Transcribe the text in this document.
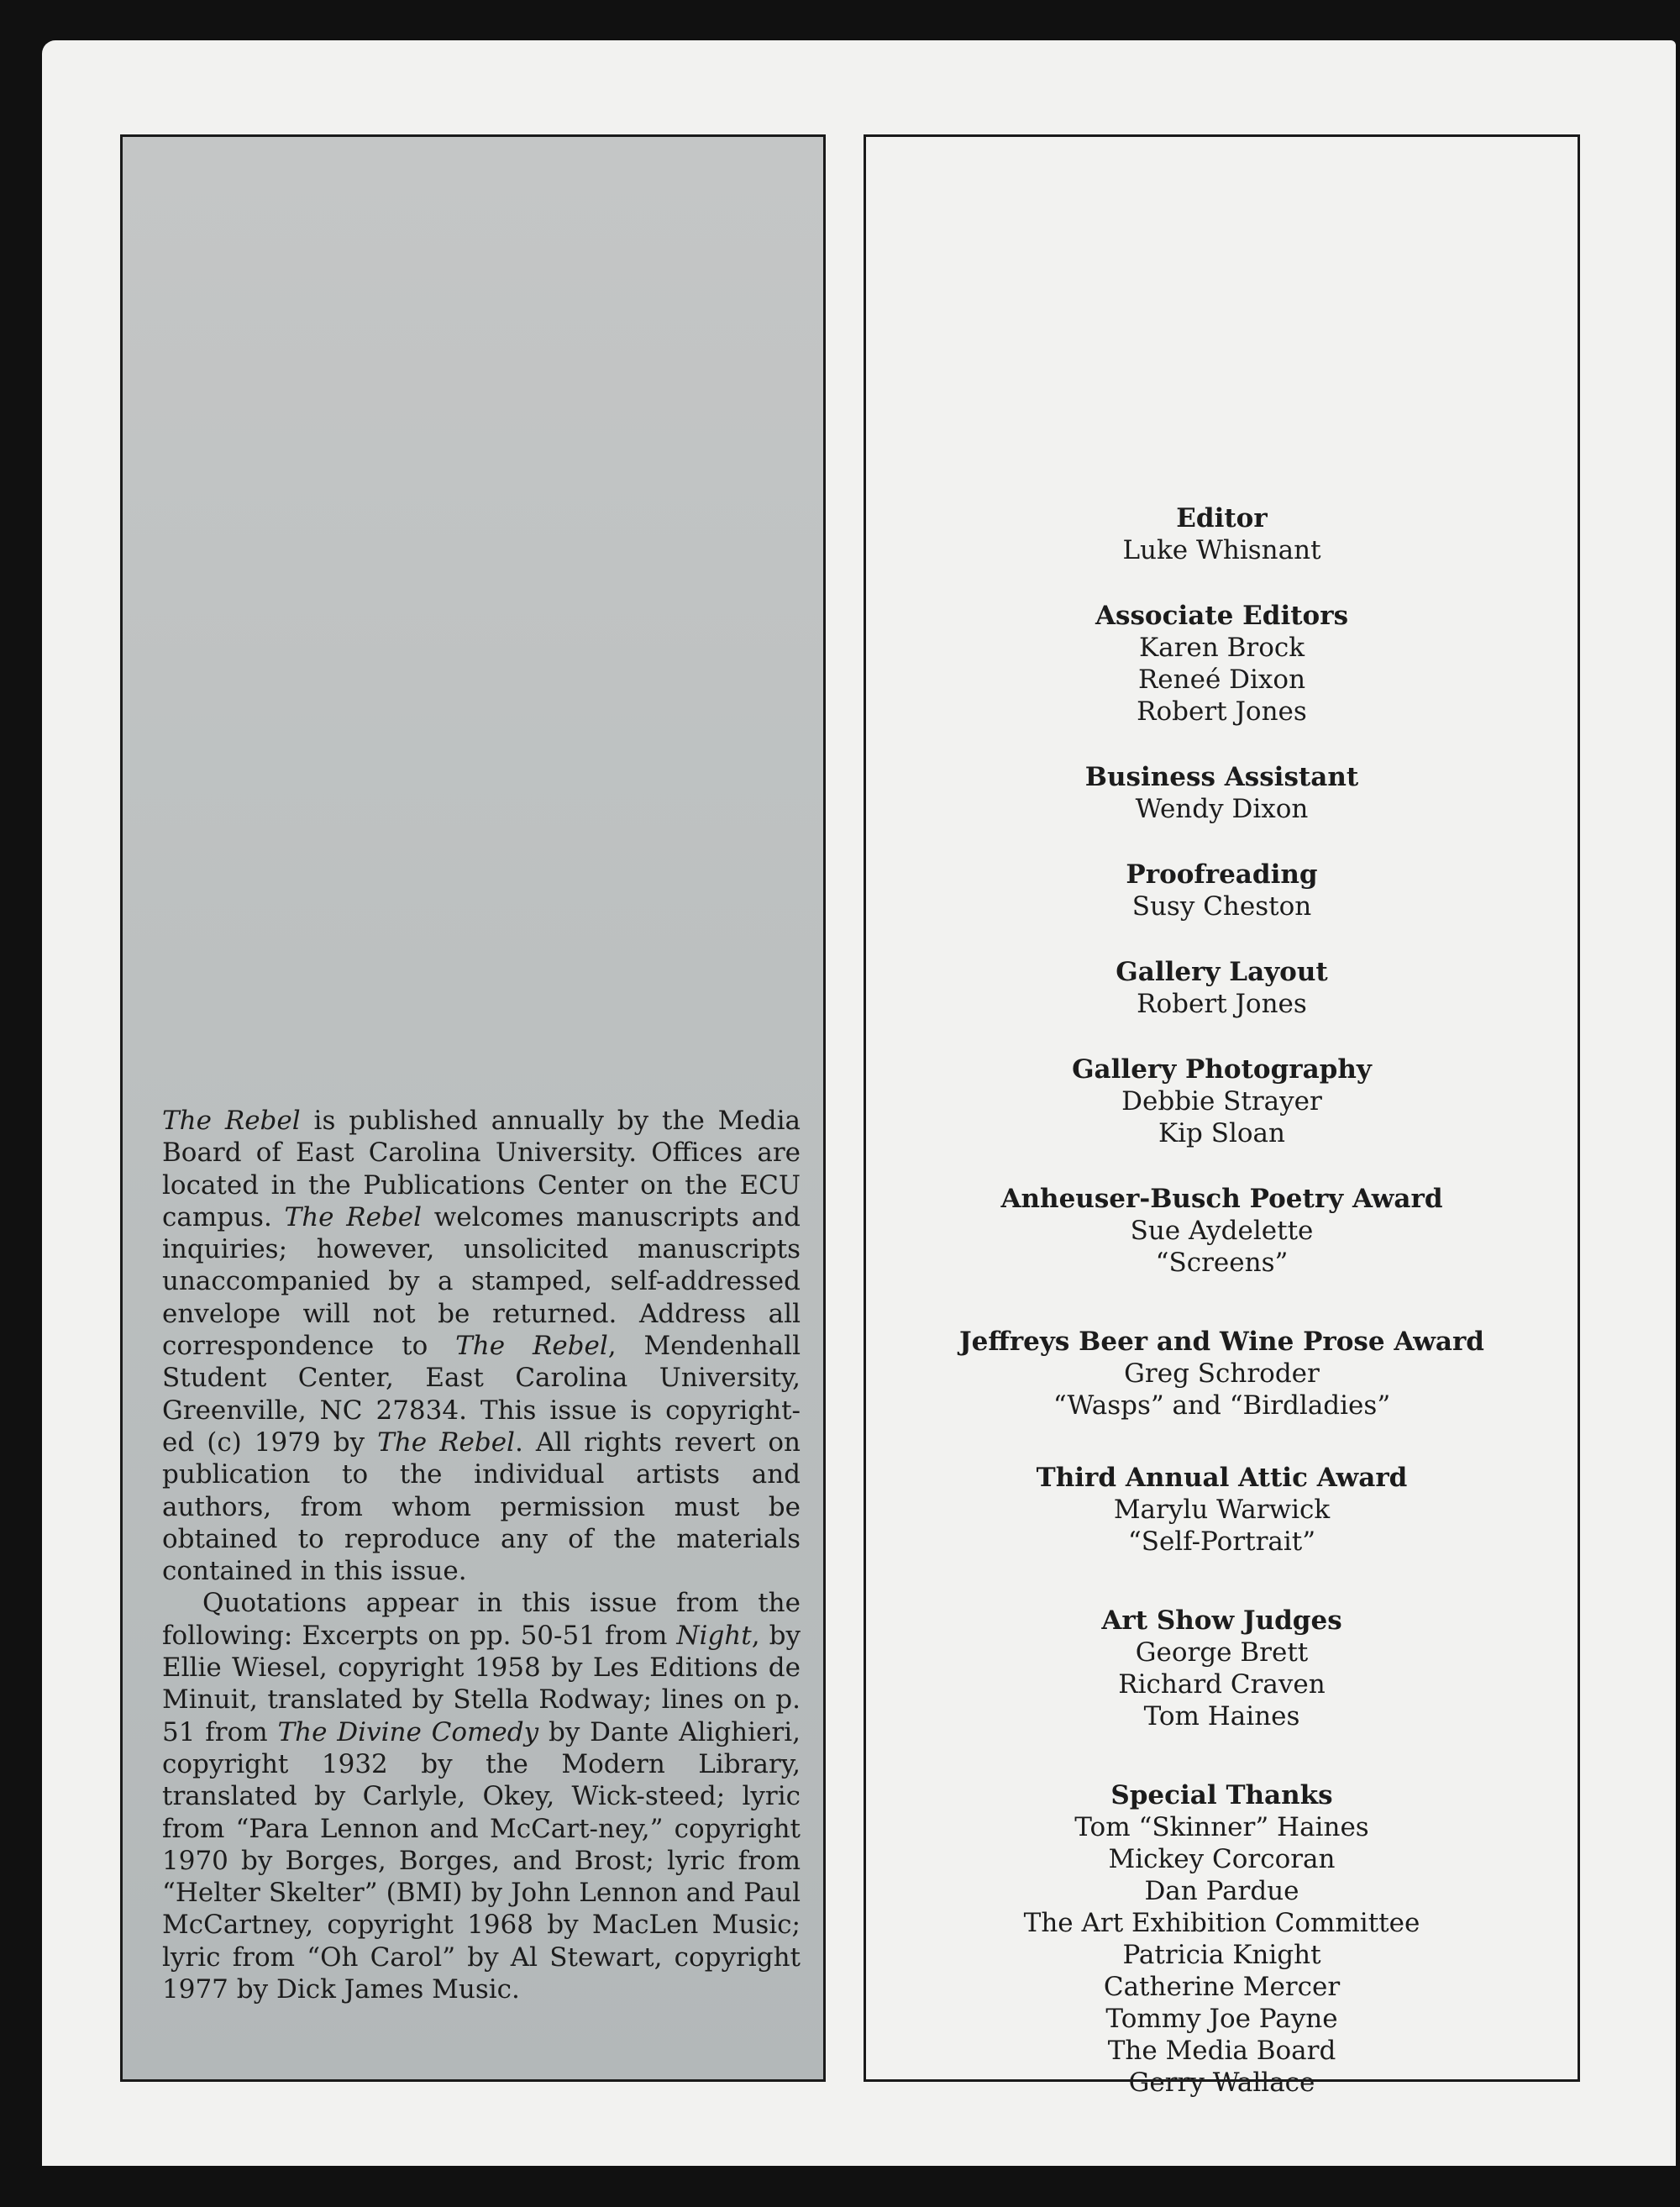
The Rebel is published annually by the Media Board of East Carolina University. Offices are located in the Publications Center on the ECU campus. The Rebel welcomes manuscripts and inquiries; however, unsolicited manuscripts unaccompanied by a stamped, self-addressed envelope will not be returned. Address all correspondence to The Rebel, Mendenhall Student Center, East Carolina University, Greenville, NC 27834. This issue is copyright-ed (c) 1979 by The Rebel. All rights revert on publication to the individual artists and authors, from whom permission must be obtained to reproduce any of the materials contained in this issue.

Quotations appear in this issue from the following: Excerpts on pp. 50-51 from Night, by Ellie Wiesel, copyright 1958 by Les Editions de Minuit, translated by Stella Rodway; lines on p. 51 from The Divine Comedy by Dante Alighieri, copyright 1932 by the Modern Library, translated by Carlyle, Okey, Wick-steed; lyric from “Para Lennon and McCart-ney,” copyright 1970 by Borges, Borges, and Brost; lyric from “Helter Skelter” (BMI) by John Lennon and Paul McCartney, copyright 1968 by MacLen Music; lyric from “Oh Carol” by Al Stewart, copyright 1977 by Dick James Music.

Editor
Luke Whisnant
Associate Editors
Karen Brock
Reneé Dixon
Robert Jones
Business Assistant
Wendy Dixon
Proofreading
Susy Cheston
Gallery Layout
Robert Jones
Gallery Photography
Debbie Strayer
Kip Sloan
Anheuser-Busch Poetry Award
Sue Aydelette
“Screens”
Jeffreys Beer and Wine Prose Award
Greg Schroder
“Wasps” and “Birdladies”
Third Annual Attic Award
Marylu Warwick
“Self-Portrait”
Art Show Judges
George Brett
Richard Craven
Tom Haines
Special Thanks
Tom “Skinner” Haines
Mickey Corcoran
Dan Pardue
The Art Exhibition Committee
Patricia Knight
Catherine Mercer
Tommy Joe Payne
The Media Board
Gerry Wallace
